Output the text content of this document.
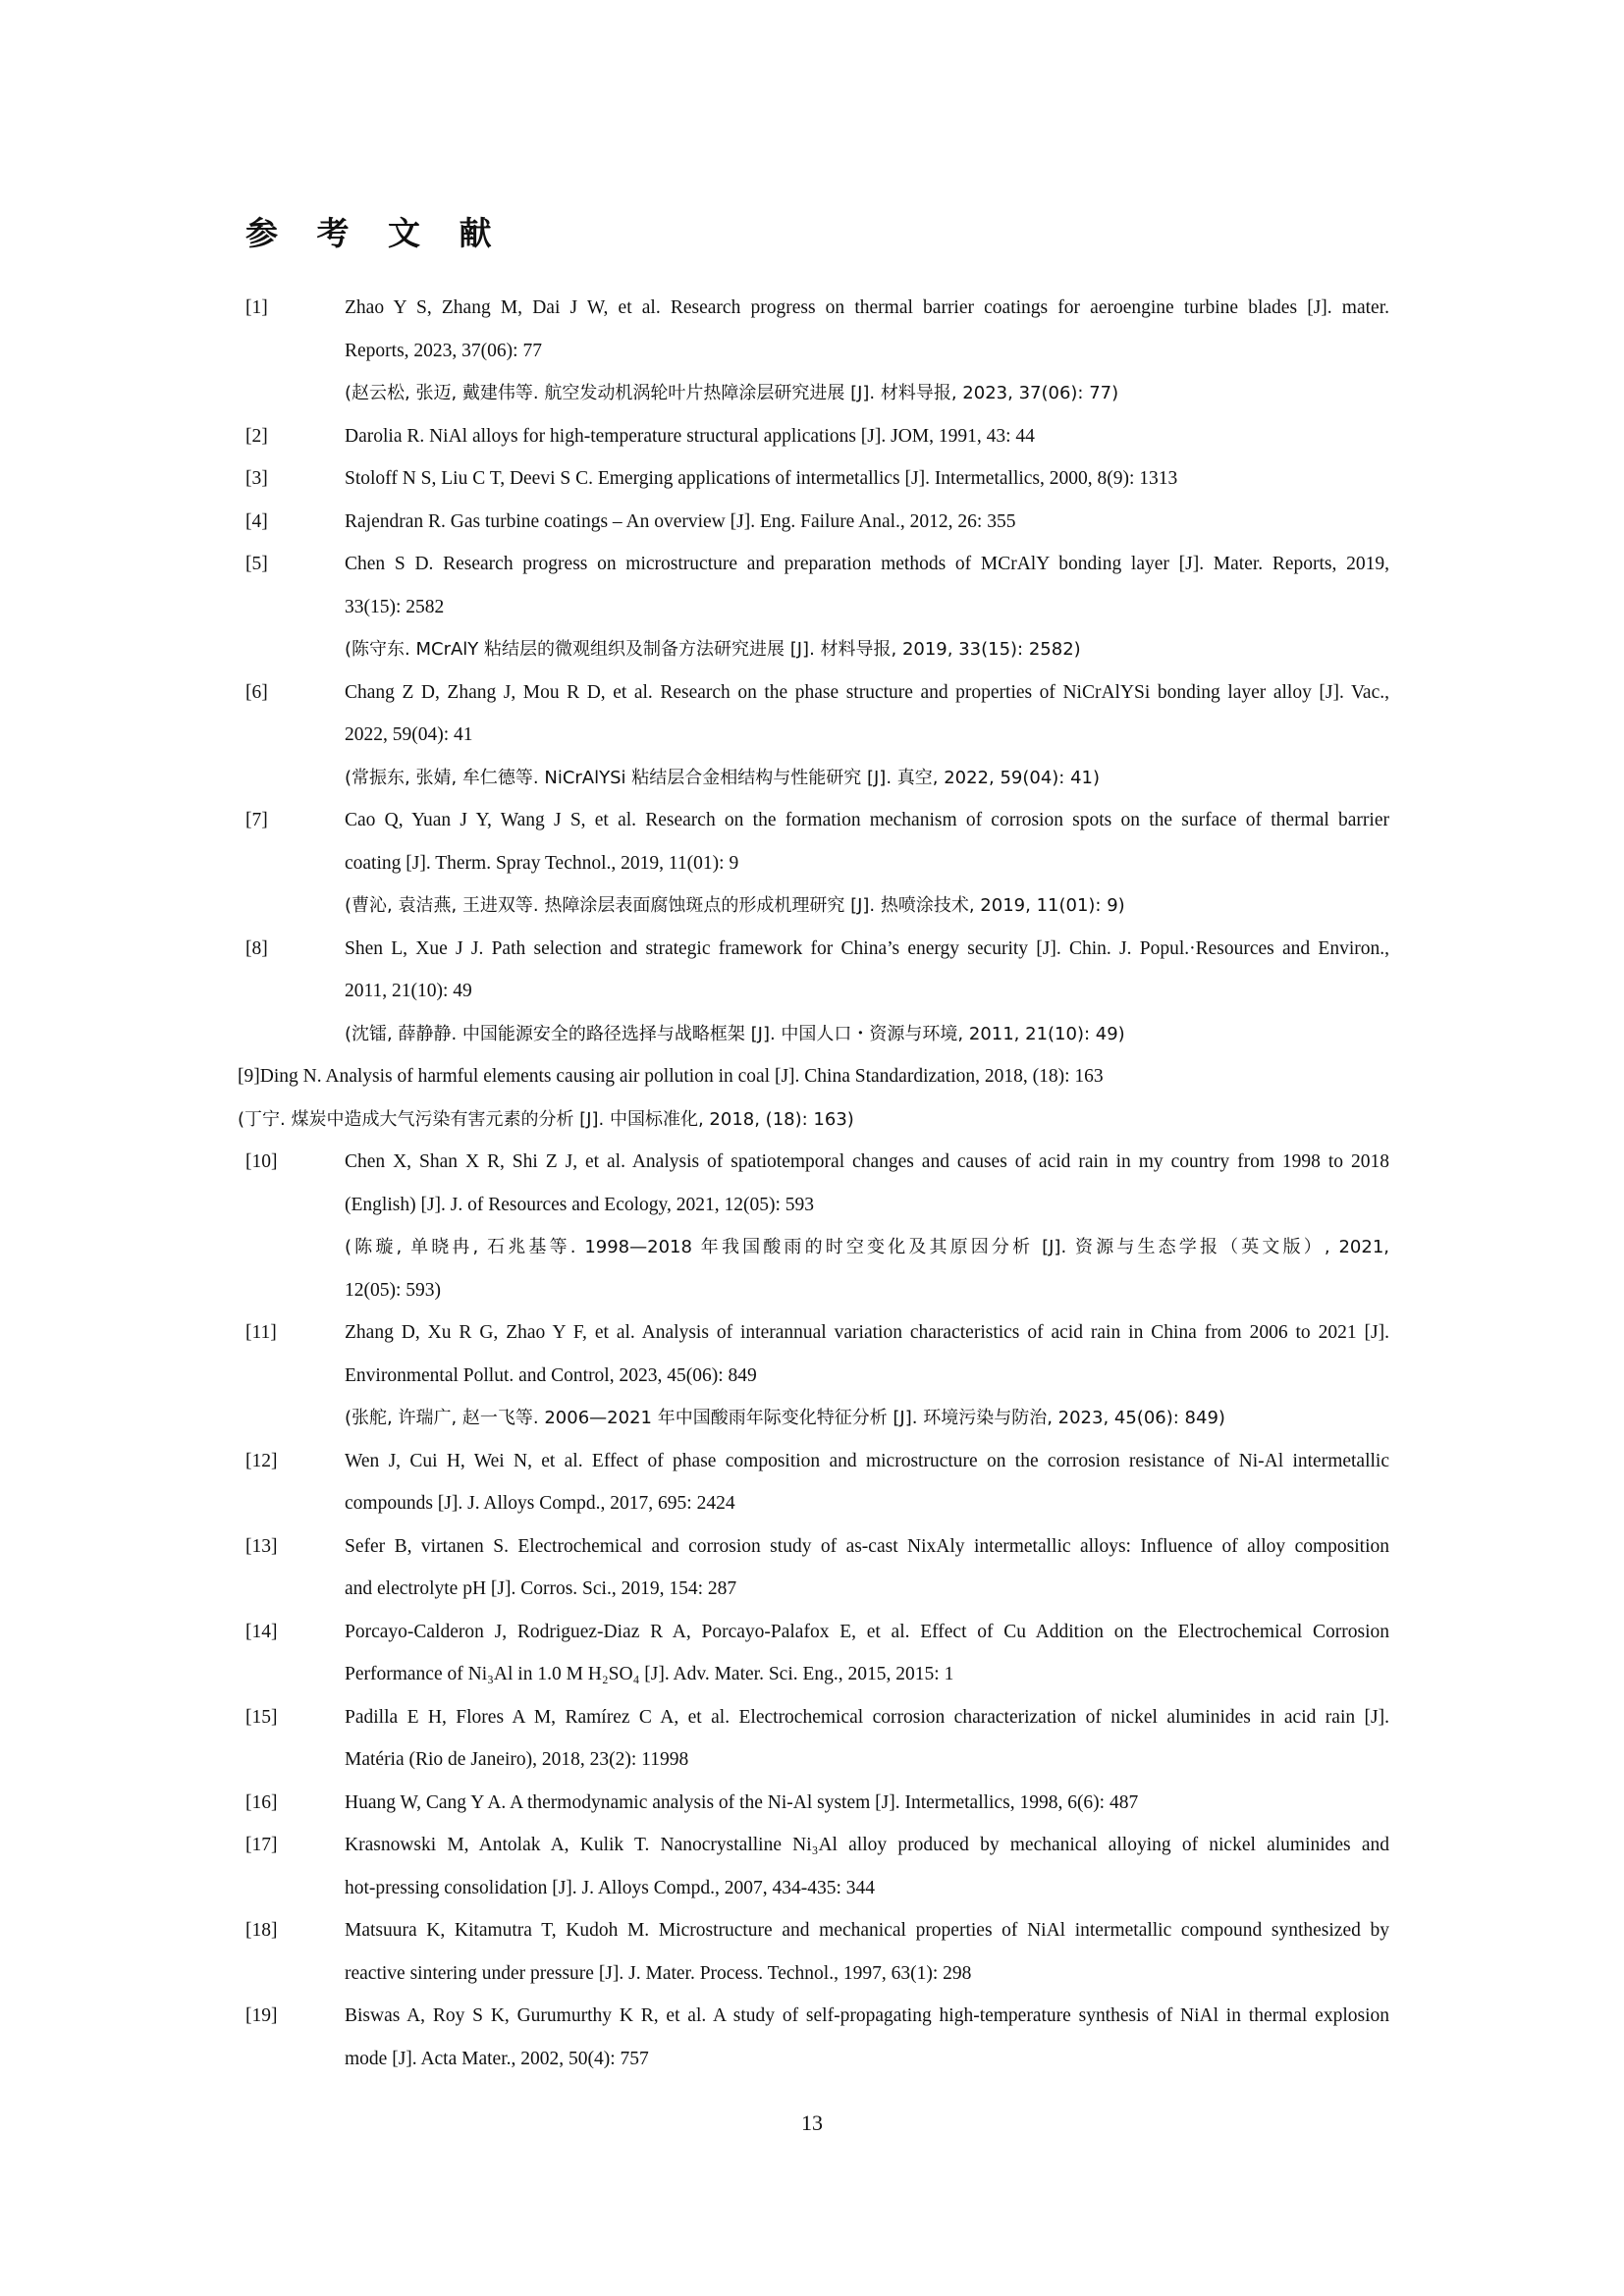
参 考 文 献
[1]	Zhao Y S, Zhang M, Dai J W, et al. Research progress on thermal barrier coatings for aeroengine turbine blades [J]. mater.
Reports, 2023, 37(06): 77
(赵云松, 张迈, 戴建伟等. 航空发动机涡轮叶片热障涂层研究进展 [J]. 材料导报, 2023, 37(06): 77)
[2]	Darolia R. NiAl alloys for high-temperature structural applications [J]. JOM, 1991, 43: 44
[3]	Stoloff N S, Liu C T, Deevi S C. Emerging applications of intermetallics [J]. Intermetallics, 2000, 8(9): 1313
[4]	Rajendran R. Gas turbine coatings – An overview [J]. Eng. Failure Anal., 2012, 26: 355
[5]	Chen S D. Research progress on microstructure and preparation methods of MCrAlY bonding layer [J]. Mater. Reports, 2019,
33(15): 2582
(陈守东. MCrAlY 粘结层的微观组织及制备方法研究进展 [J]. 材料导报, 2019, 33(15): 2582)
[6]	Chang Z D, Zhang J, Mou R D, et al. Research on the phase structure and properties of NiCrAlYSi bonding layer alloy [J]. Vac.,
2022, 59(04): 41
(常振东, 张婧, 牟仁德等. NiCrAlYSi 粘结层合金相结构与性能研究 [J]. 真空, 2022, 59(04): 41)
[7]	Cao Q, Yuan J Y, Wang J S, et al. Research on the formation mechanism of corrosion spots on the surface of thermal barrier
coating [J]. Therm. Spray Technol., 2019, 11(01): 9
(曹沁, 袁洁燕, 王进双等. 热障涂层表面腐蚀斑点的形成机理研究 [J]. 热喷涂技术, 2019, 11(01): 9)
[8]	Shen L, Xue J J. Path selection and strategic framework for China’s energy security [J]. Chin. J. Popul.·Resources and Environ.,
2011, 21(10): 49
(沈镭, 薛静静. 中国能源安全的路径选择与战略框架 [J]. 中国人口・资源与环境, 2011, 21(10): 49)
[9]Ding N. Analysis of harmful elements causing air pollution in coal [J]. China Standardization, 2018, (18): 163
(丁宁. 煤炭中造成大气污染有害元素的分析 [J]. 中国标准化, 2018, (18): 163)
[10]	Chen X, Shan X R, Shi Z J, et al. Analysis of spatiotemporal changes and causes of acid rain in my country from 1998 to 2018
(English) [J]. J. of Resources and Ecology, 2021, 12(05): 593
(陈璇, 单晓冉, 石兆基等. 1998—2018 年我国酸雨的时空变化及其原因分析 [J]. 资源与生态学报（英文版）, 2021,
12(05): 593)
[11]	Zhang D, Xu R G, Zhao Y F, et al. Analysis of interannual variation characteristics of acid rain in China from 2006 to 2021 [J].
Environmental Pollut. and Control, 2023, 45(06): 849
(张舵, 许瑞广, 赵一飞等. 2006—2021 年中国酸雨年际变化特征分析 [J]. 环境污染与防治, 2023, 45(06): 849)
[12]	Wen J, Cui H, Wei N, et al. Effect of phase composition and microstructure on the corrosion resistance of Ni-Al intermetallic
compounds [J]. J. Alloys Compd., 2017, 695: 2424
[13]	Sefer B, virtanen S. Electrochemical and corrosion study of as-cast NixAly intermetallic alloys: Influence of alloy composition
and electrolyte pH [J]. Corros. Sci., 2019, 154: 287
[14]	Porcayo-Calderon J, Rodriguez-Diaz R A, Porcayo-Palafox E, et al. Effect of Cu Addition on the Electrochemical Corrosion
Performance of Ni₃Al in 1.0 M H₂SO₄ [J]. Adv. Mater. Sci. Eng., 2015, 2015: 1
[15]	Padilla E H, Flores A M, Ramírez C A, et al. Electrochemical corrosion characterization of nickel aluminides in acid rain [J].
Matéria (Rio de Janeiro), 2018, 23(2): 11998
[16]	Huang W, Cang Y A. A thermodynamic analysis of the Ni-Al system [J]. Intermetallics, 1998, 6(6): 487
[17]	Krasnowski M, Antolak A, Kulik T. Nanocrystalline Ni₃Al alloy produced by mechanical alloying of nickel aluminides and
hot-pressing consolidation [J]. J. Alloys Compd., 2007, 434-435: 344
[18]	Matsuura K, Kitamutra T, Kudoh M. Microstructure and mechanical properties of NiAl intermetallic compound synthesized by
reactive sintering under pressure [J]. J. Mater. Process. Technol., 1997, 63(1): 298
[19]	Biswas A, Roy S K, Gurumurthy K R, et al. A study of self-propagating high-temperature synthesis of NiAl in thermal explosion
mode [J]. Acta Mater., 2002, 50(4): 757
13
